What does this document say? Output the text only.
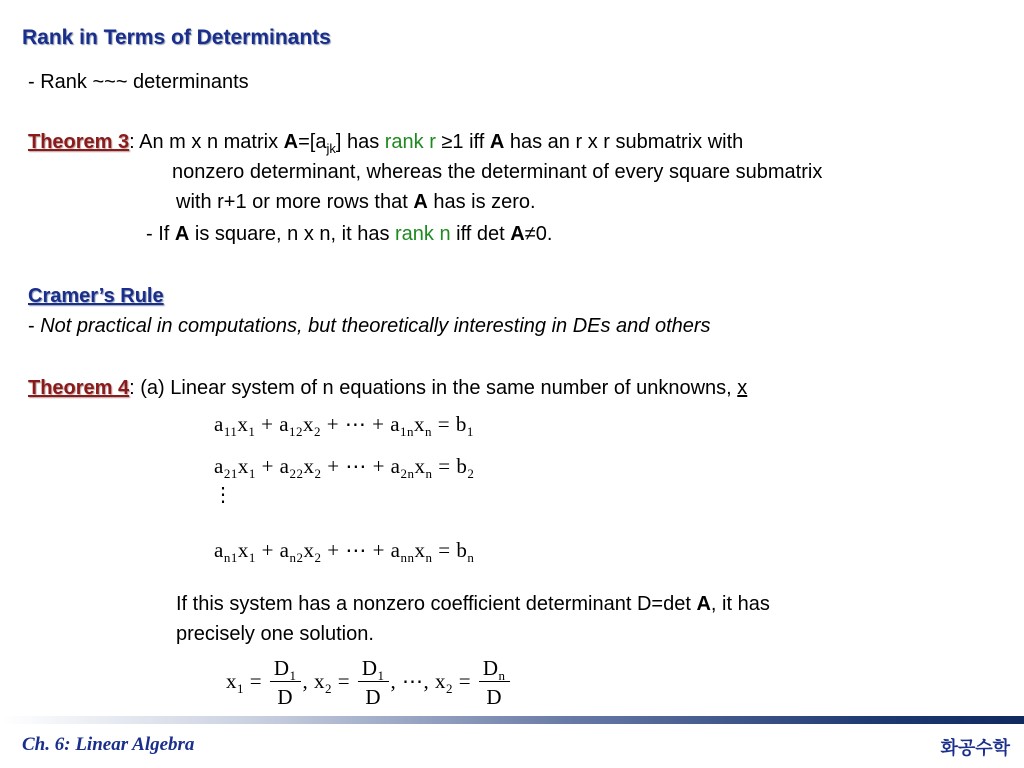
Rank in Terms of Determinants
- Rank ~~~ determinants
Theorem 3: An m x n matrix $A=[a_{jk}]$ has rank r ≥1 iff A has an r x r submatrix with
nonzero determinant, whereas the determinant of every square submatrix
with r+1 or more rows that A has is zero.
- If A is square, n x n, it has rank n iff det A≠0.
Cramer’s Rule
- Not practical in computations, but theoretically interesting in DEs and others
Theorem 4: (a) Linear system of n equations in the same number of unknowns, x
$a_{11}x_1 + a_{12}x_2$ + ⋯ + $a_{1n}x_n = b_1$
$a_{21}x_1 + a_{22}x_2$ + ⋯ + $a_{2n}x_n = b_2$
⋮
$a_{n1}x_1 + a_{n2}x_2$ + ⋯ + $a_{nn}x_n = b_n$
If this system has a nonzero coefficient determinant D=det A, it has
precisely one solution.
$x_1 = \frac{D_1}{D}$ , $x_2 = \frac{D_1}{D}$ , ⋯, $x_2 = \frac{D_n}{D}$
Ch. 6: Linear Algebra	화공수학
